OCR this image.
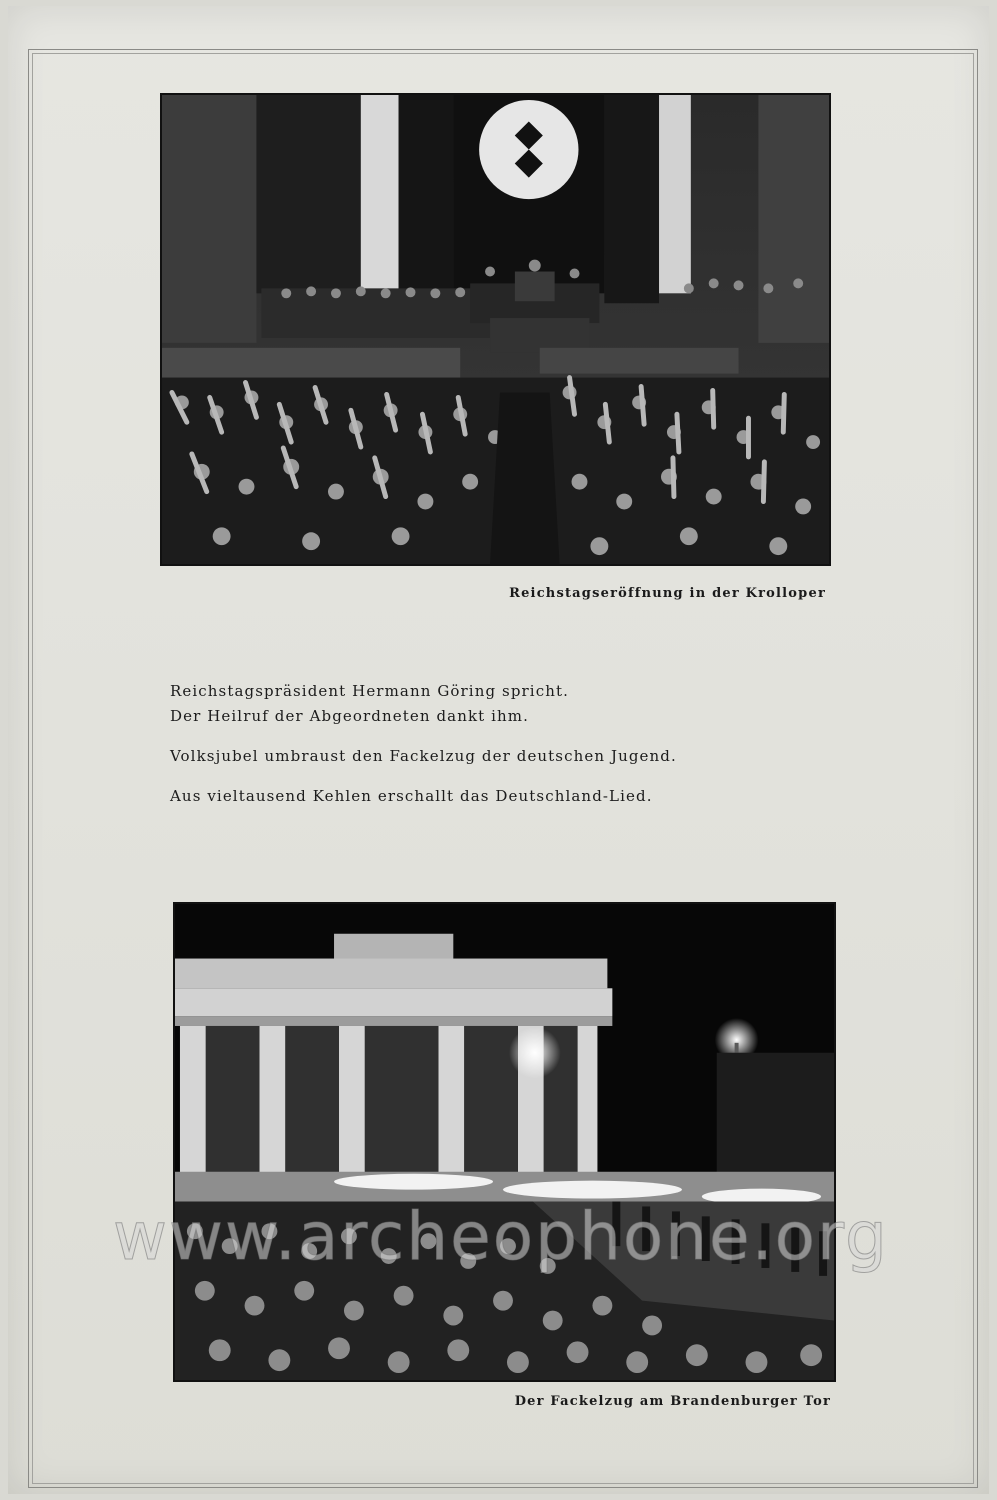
Reichstagseröffnung in der Krolloper
Reichstagspräsident Hermann Göring spricht.
Der Heilruf der Abgeordneten dankt ihm.
Volksjubel umbraust den Fackelzug der deutschen Jugend.
Aus vieltausend Kehlen erschallt das Deutschland-Lied.
Der Fackelzug am Brandenburger Tor
www.archeophone.org
